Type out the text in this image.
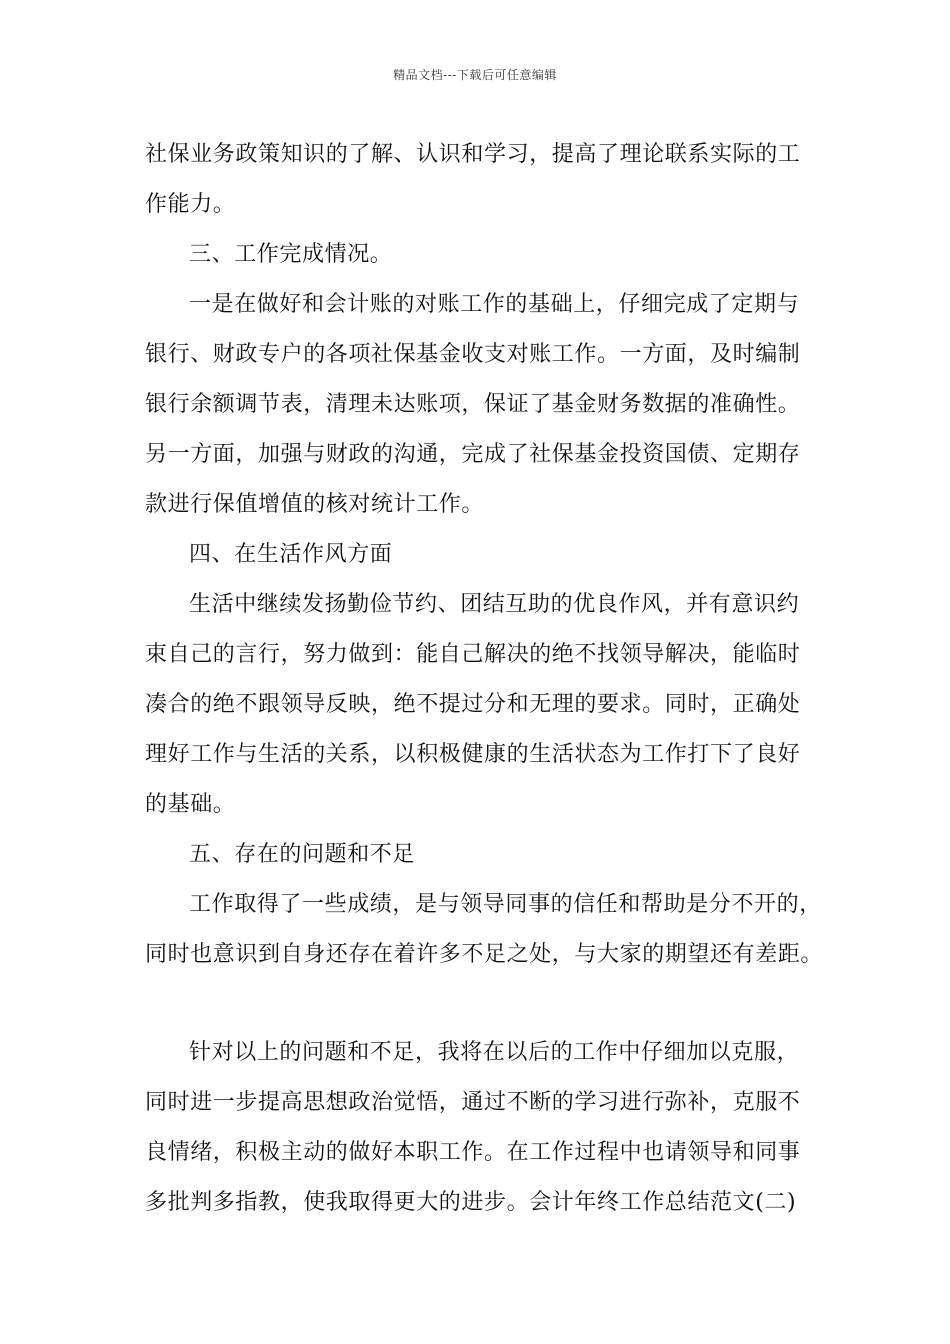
精品文档---下载后可任意编辑
社保业务政策知识的了解、认识和学习，提高了理论联系实际的工
作能力。
三、工作完成情况。
一是在做好和会计账的对账工作的基础上，仔细完成了定期与
银行、财政专户的各项社保基金收支对账工作。一方面，及时编制
银行余额调节表，清理未达账项，保证了基金财务数据的准确性。
另一方面，加强与财政的沟通，完成了社保基金投资国债、定期存
款进行保值增值的核对统计工作。
四、在生活作风方面
生活中继续发扬勤俭节约、团结互助的优良作风，并有意识约
束自己的言行，努力做到：能自己解决的绝不找领导解决，能临时
凑合的绝不跟领导反映，绝不提过分和无理的要求。同时，正确处
理好工作与生活的关系，以积极健康的生活状态为工作打下了良好
的基础。
五、存在的问题和不足
工作取得了一些成绩，是与领导同事的信任和帮助是分不开的，
同时也意识到自身还存在着许多不足之处，与大家的期望还有差距。
针对以上的问题和不足，我将在以后的工作中仔细加以克服，
同时进一步提高思想政治觉悟，通过不断的学习进行弥补，克服不
良情绪，积极主动的做好本职工作。在工作过程中也请领导和同事
多批判多指教，使我取得更大的进步。会计年终工作总结范文(二)
